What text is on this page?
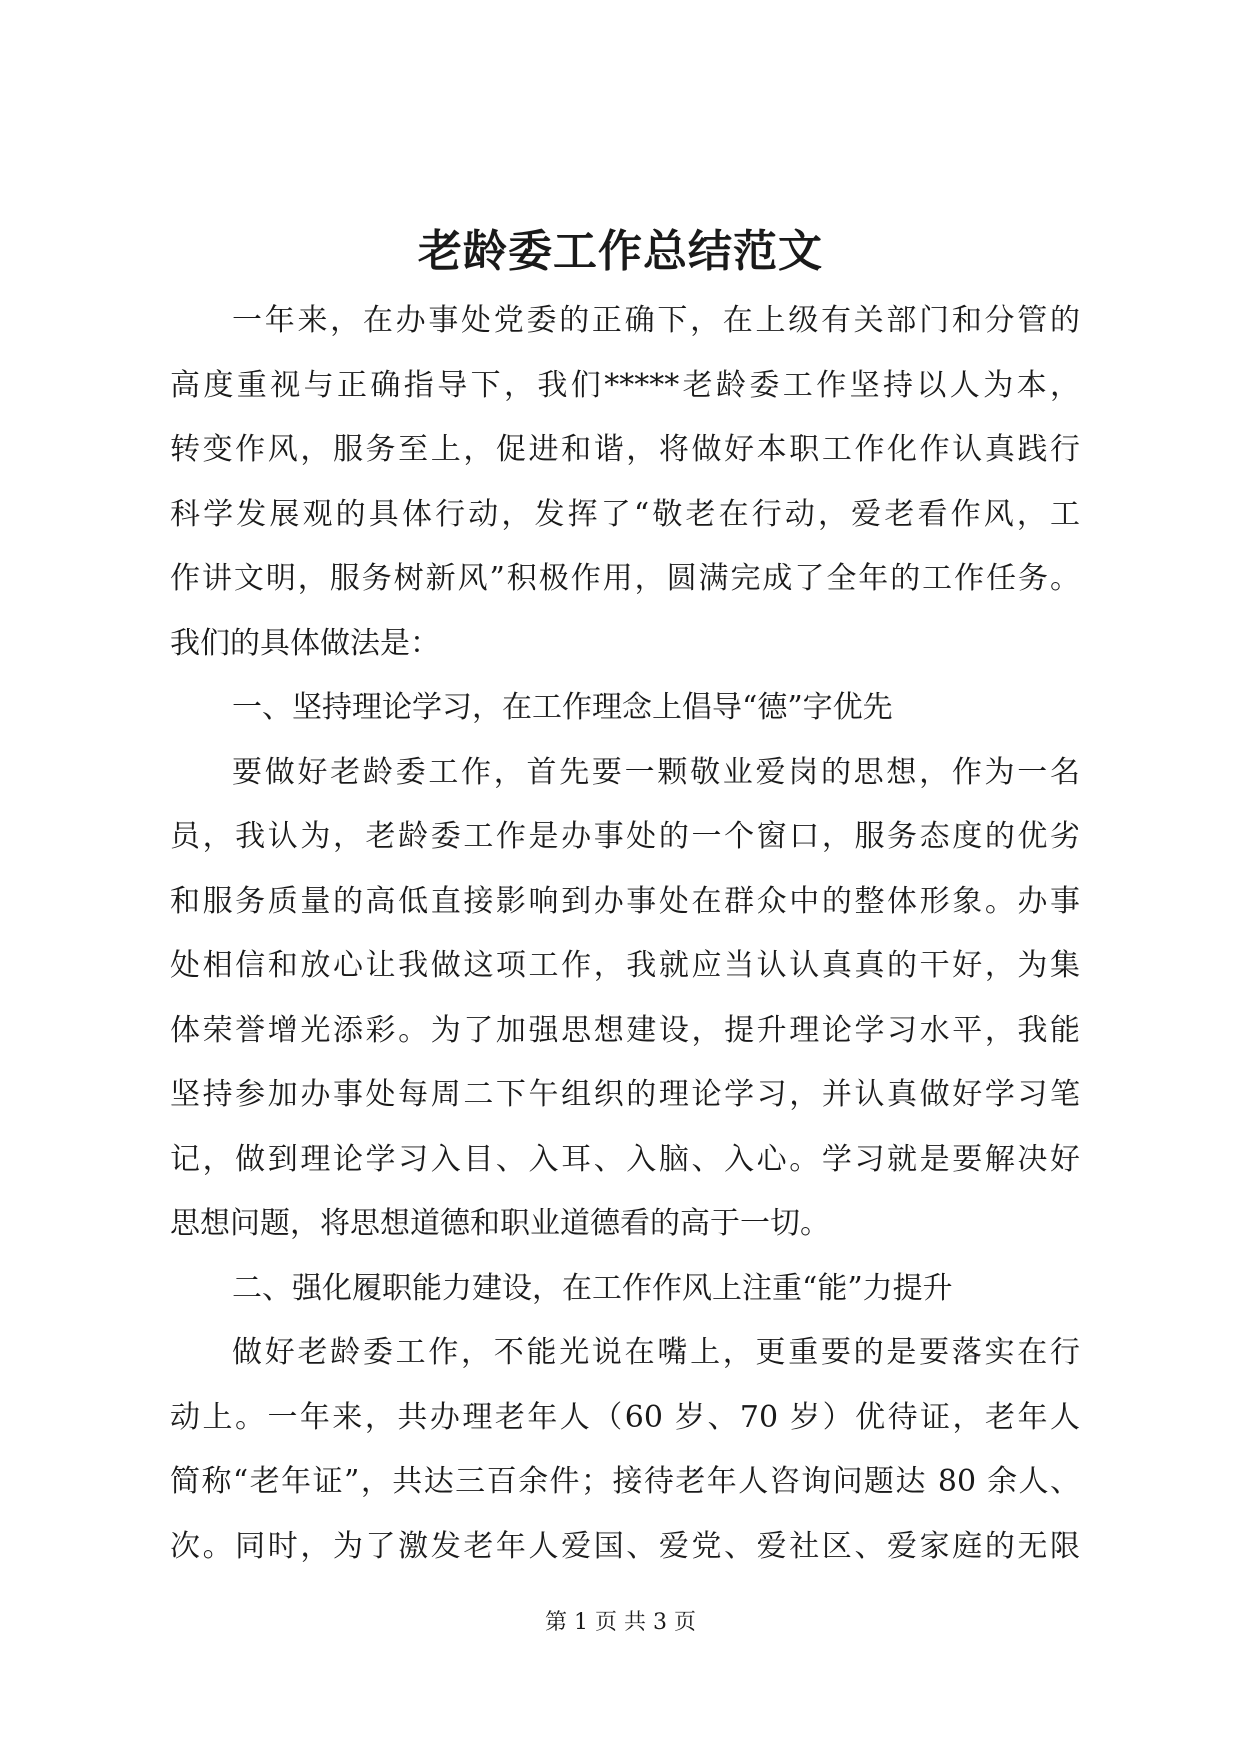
老龄委工作总结范文
一年来，在办事处党委的正确下，在上级有关部门和分管的
高度重视与正确指导下，我们*****老龄委工作坚持以人为本，
转变作风，服务至上，促进和谐，将做好本职工作化作认真践行
科学发展观的具体行动，发挥了“敬老在行动，爱老看作风，工
作讲文明，服务树新风”积极作用，圆满完成了全年的工作任务。
我们的具体做法是：
一、坚持理论学习，在工作理念上倡导“德”字优先
要做好老龄委工作，首先要一颗敬业爱岗的思想，作为一名
员，我认为，老龄委工作是办事处的一个窗口，服务态度的优劣
和服务质量的高低直接影响到办事处在群众中的整体形象。办事
处相信和放心让我做这项工作，我就应当认认真真的干好，为集
体荣誉增光添彩。为了加强思想建设，提升理论学习水平，我能
坚持参加办事处每周二下午组织的理论学习，并认真做好学习笔
记，做到理论学习入目、入耳、入脑、入心。学习就是要解决好
思想问题，将思想道德和职业道德看的高于一切。
二、强化履职能力建设，在工作作风上注重“能”力提升
做好老龄委工作，不能光说在嘴上，更重要的是要落实在行
动上。一年来，共办理老年人（60 岁、70 岁）优待证，老年人
简称“老年证”，共达三百余件；接待老年人咨询问题达 80 余人、
次。同时，为了激发老年人爱国、爱党、爱社区、爱家庭的无限
第 1 页 共 3 页
